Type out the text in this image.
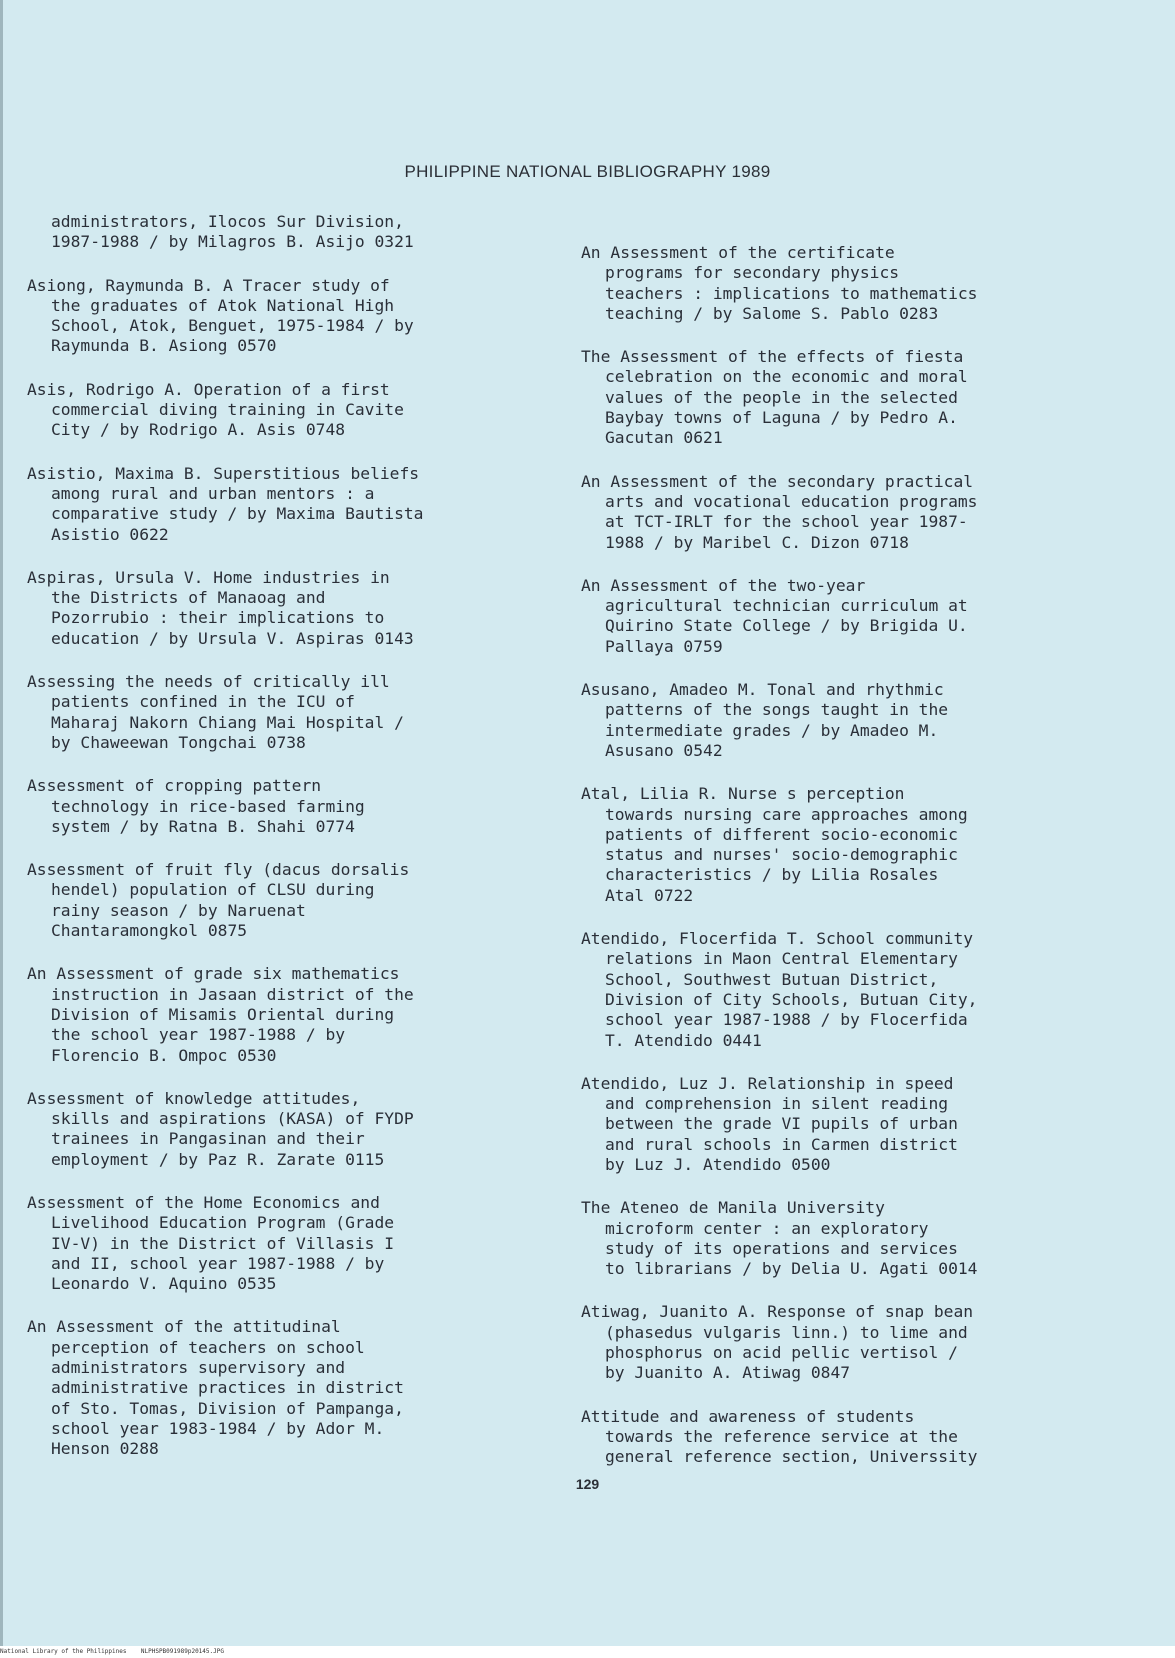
PHILIPPINE NATIONAL BIBLIOGRAPHY 1989
administrators, Ilocos Sur Division,
1987-1988 / by Milagros B. Asijo 0321
Asiong, Raymunda B. A Tracer study of
the graduates of Atok National High
School, Atok, Benguet, 1975-1984 / by
Raymunda B. Asiong 0570
Asis, Rodrigo A. Operation of a first
commercial diving training in Cavite
City / by Rodrigo A. Asis 0748
Asistio, Maxima B. Superstitious beliefs
among rural and urban mentors : a
comparative study / by Maxima Bautista
Asistio 0622
Aspiras, Ursula V. Home industries in
the Districts of Manaoag and
Pozorrubio : their implications to
education / by Ursula V. Aspiras 0143
Assessing the needs of critically ill
patients confined in the ICU of
Maharaj Nakorn Chiang Mai Hospital /
by Chaweewan Tongchai 0738
Assessment of cropping pattern
technology in rice-based farming
system / by Ratna B. Shahi 0774
Assessment of fruit fly (dacus dorsalis
hendel) population of CLSU during
rainy season / by Naruenat
Chantaramongkol 0875
An Assessment of grade six mathematics
instruction in Jasaan district of the
Division of Misamis Oriental during
the school year 1987-1988 / by
Florencio B. Ompoc 0530
Assessment of knowledge attitudes,
skills and aspirations (KASA) of FYDP
trainees in Pangasinan and their
employment / by Paz R. Zarate 0115
Assessment of the Home Economics and
Livelihood Education Program (Grade
IV-V) in the District of Villasis I
and II, school year 1987-1988 / by
Leonardo V. Aquino 0535
An Assessment of the attitudinal
perception of teachers on school
administrators supervisory and
administrative practices in district
of Sto. Tomas, Division of Pampanga,
school year 1983-1984 / by Ador M.
Henson 0288
An Assessment of the certificate
programs for secondary physics
teachers : implications to mathematics
teaching / by Salome S. Pablo 0283
The Assessment of the effects of fiesta
celebration on the economic and moral
values of the people in the selected
Baybay towns of Laguna / by Pedro A.
Gacutan 0621
An Assessment of the secondary practical
arts and vocational education programs
at TCT-IRLT for the school year 1987-
1988 / by Maribel C. Dizon 0718
An Assessment of the two-year
agricultural technician curriculum at
Quirino State College / by Brigida U.
Pallaya 0759
Asusano, Amadeo M. Tonal and rhythmic
patterns of the songs taught in the
intermediate grades / by Amadeo M.
Asusano 0542
Atal, Lilia R. Nurse s perception
towards nursing care approaches among
patients of different socio-economic
status and nurses' socio-demographic
characteristics / by Lilia Rosales
Atal 0722
Atendido, Flocerfida T. School community
relations in Maon Central Elementary
School, Southwest Butuan District,
Division of City Schools, Butuan City,
school year 1987-1988 / by Flocerfida
T. Atendido 0441
Atendido, Luz J. Relationship in speed
and comprehension in silent reading
between the grade VI pupils of urban
and rural schools in Carmen district
by Luz J. Atendido 0500
The Ateneo de Manila University
microform center : an exploratory
study of its operations and services
to librarians / by Delia U. Agati 0014
Atiwag, Juanito A. Response of snap bean
(phasedus vulgaris linn.) to lime and
phosphorus on acid pellic vertisol /
by Juanito A. Atiwag 0847
Attitude and awareness of students
towards the reference service at the
general reference section, Universsity
129
National Library of the Philippines    NLPHSPB091989p20145.JPG
